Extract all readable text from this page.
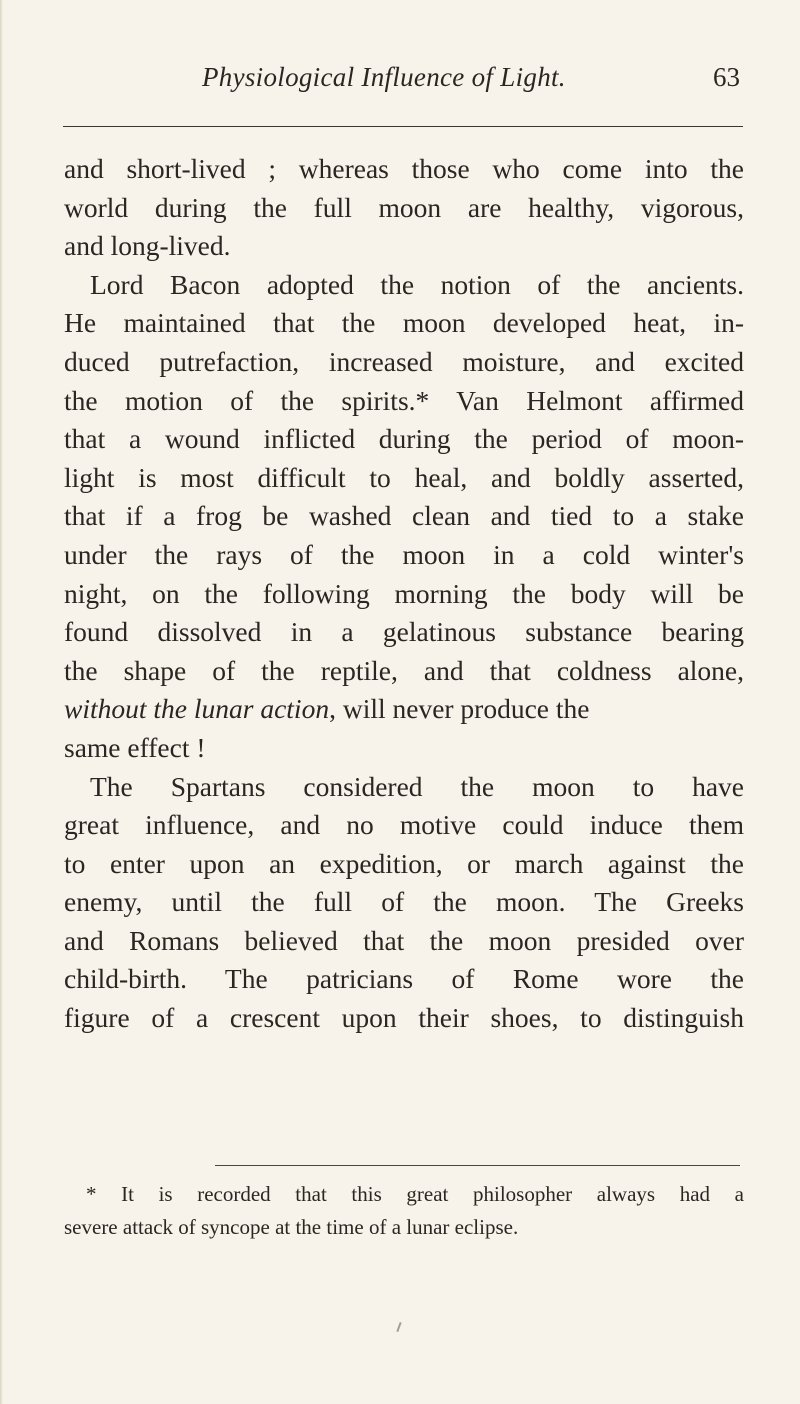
Physiological Influence of Light.	63
and short-lived ; whereas those who come into the
world during the full moon are healthy, vigorous,
and long-lived.
Lord Bacon adopted the notion of the ancients.
He maintained that the moon developed heat, in-
duced putrefaction, increased moisture, and excited
the motion of the spirits.* Van Helmont affirmed
that a wound inflicted during the period of moon-
light is most difficult to heal, and boldly asserted,
that if a frog be washed clean and tied to a stake
under the rays of the moon in a cold winter's
night, on the following morning the body will be
found dissolved in a gelatinous substance bearing
the shape of the reptile, and that coldness alone,
without the lunar action, will never produce the
same effect !
The Spartans considered the moon to have
great influence, and no motive could induce them
to enter upon an expedition, or march against the
enemy, until the full of the moon. The Greeks
and Romans believed that the moon presided over
child-birth. The patricians of Rome wore the
figure of a crescent upon their shoes, to distinguish
* It is recorded that this great philosopher always had a
severe attack of syncope at the time of a lunar eclipse.
